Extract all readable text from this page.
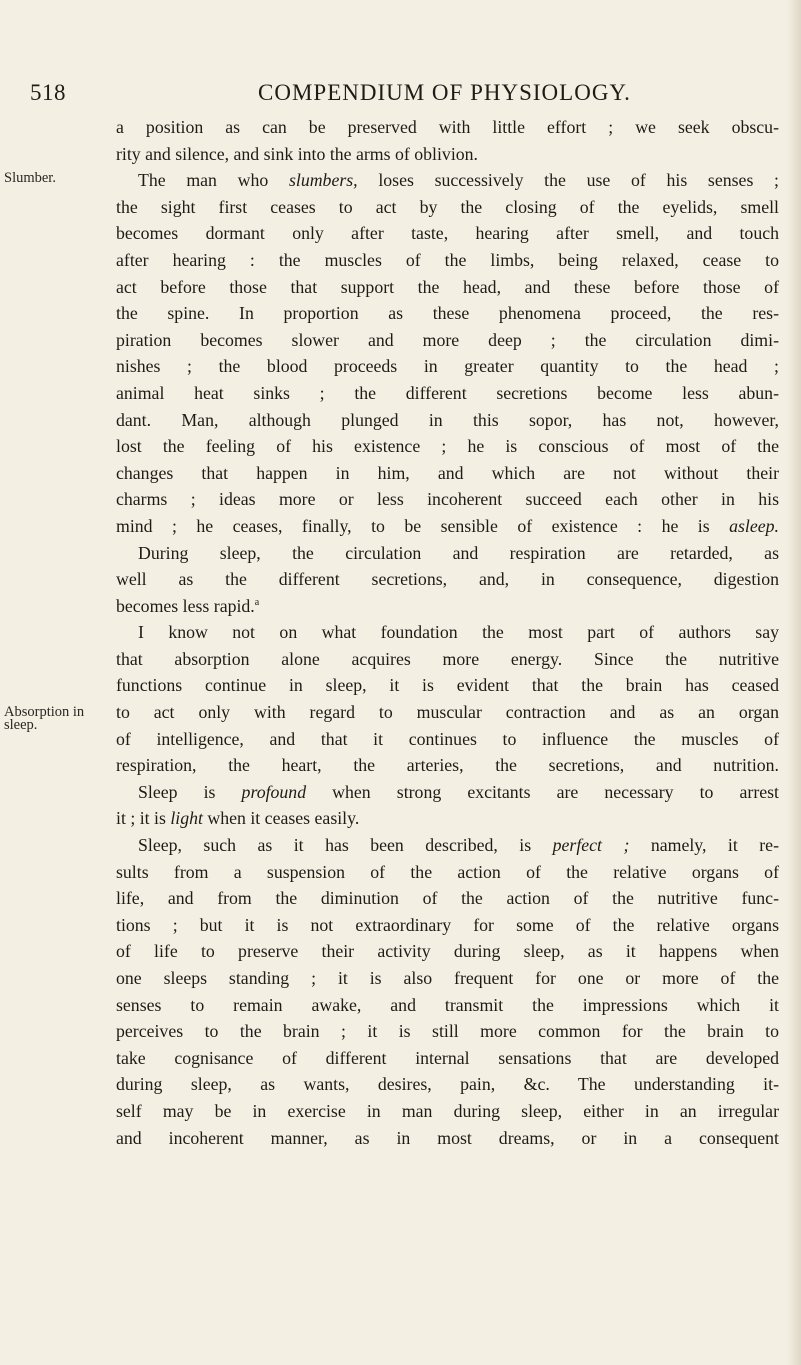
518	COMPENDIUM OF PHYSIOLOGY.
Slumber.
Absorption in
sleep.
a position as can be preserved with little effort ; we seek obscu-
rity and silence, and sink into the arms of oblivion.
The man who slumbers, loses successively the use of his senses ;
the sight first ceases to act by the closing of the eyelids, smell
becomes dormant only after taste, hearing after smell, and touch
after hearing : the muscles of the limbs, being relaxed, cease to
act before those that support the head, and these before those of
the spine. In proportion as these phenomena proceed, the res-
piration becomes slower and more deep ; the circulation dimi-
nishes ; the blood proceeds in greater quantity to the head ;
animal heat sinks ; the different secretions become less abun-
dant. Man, although plunged in this sopor, has not, however,
lost the feeling of his existence ; he is conscious of most of the
changes that happen in him, and which are not without their
charms ; ideas more or less incoherent succeed each other in his
mind ; he ceases, finally, to be sensible of existence : he is asleep.
During sleep, the circulation and respiration are retarded, as
well as the different secretions, and, in consequence, digestion
becomes less rapid.$^a$
I know not on what foundation the most part of authors say
that absorption alone acquires more energy. Since the nutritive
functions continue in sleep, it is evident that the brain has ceased
to act only with regard to muscular contraction and as an organ
of intelligence, and that it continues to influence the muscles of
respiration, the heart, the arteries, the secretions, and nutrition.
Sleep is profound when strong excitants are necessary to arrest
it ; it is light when it ceases easily.
Sleep, such as it has been described, is perfect ; namely, it re-
sults from a suspension of the action of the relative organs of
life, and from the diminution of the action of the nutritive func-
tions ; but it is not extraordinary for some of the relative organs
of life to preserve their activity during sleep, as it happens when
one sleeps standing ; it is also frequent for one or more of the
senses to remain awake, and transmit the impressions which it
perceives to the brain ; it is still more common for the brain to
take cognisance of different internal sensations that are developed
during sleep, as wants, desires, pain, &c. The understanding it-
self may be in exercise in man during sleep, either in an irregular
and incoherent manner, as in most dreams, or in a consequent
